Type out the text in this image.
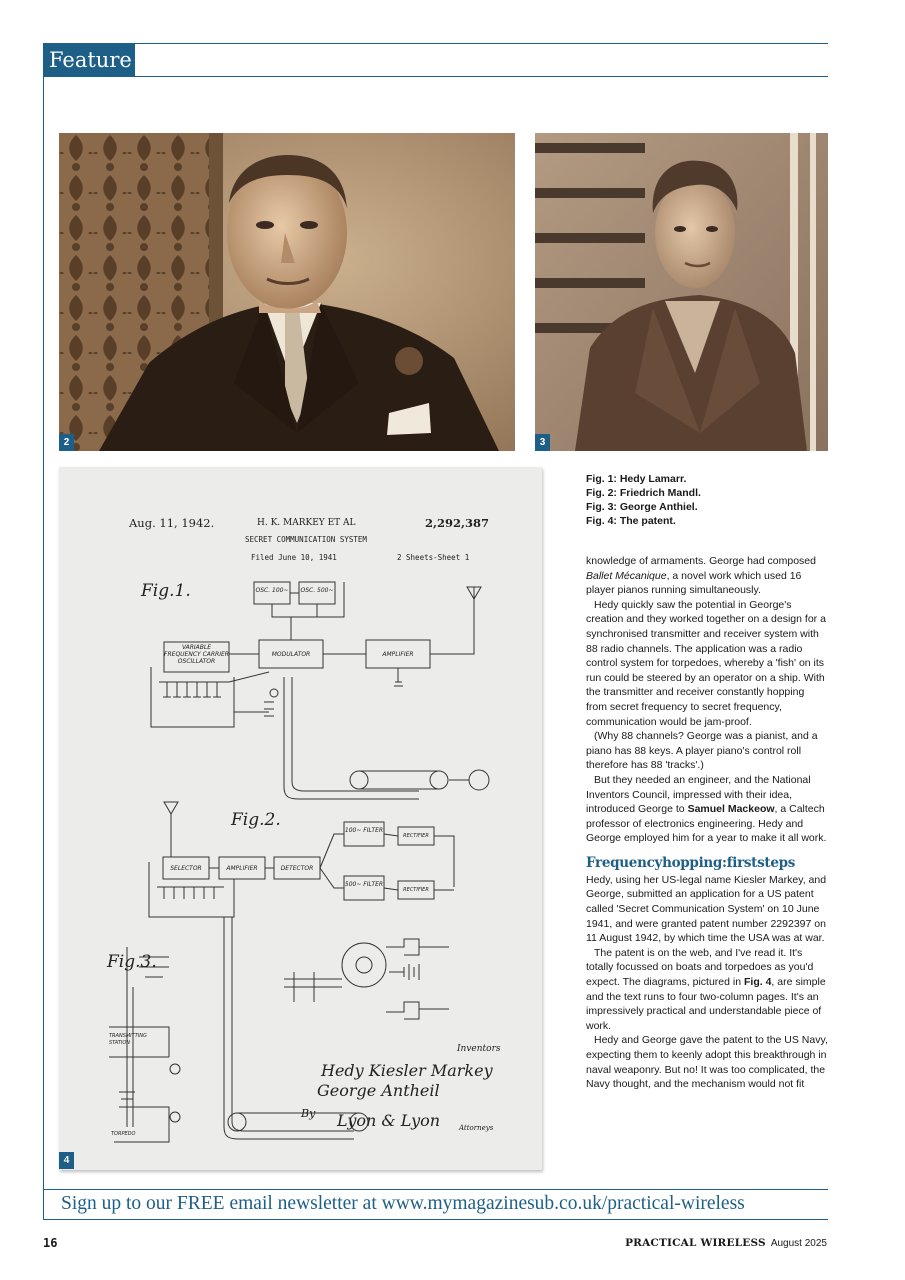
Feature
2	3
Aug. 11, 1942.	H. K. MARKEY ET AL	2,292,387
SECRET COMMUNICATION SYSTEM
Filed June 10, 1941	2 Sheets-Sheet 1
Fig.1.
Fig.2.
Fig.3.
OSC. 100~ OSC. 500~
VARIABLE FREQUENCY CARRIER OSCILLATOR
MODULATOR	AMPLIFIER
SELECTOR	AMPLIFIER	DETECTOR
100~ FILTER
500~ FILTER
RECTIFIER
RECTIFIER
TRANSMITTING STATION
TORPEDO
Inventors
Hedy Kiesler Markey
George Antheil
By Lyon & Lyon	Attorneys
4
Fig. 1: Hedy Lamarr.
Fig. 2: Friedrich Mandl.
Fig. 3: George Anthiel.
Fig. 4: The patent.

knowledge of armaments. George had composed Ballet Mécanique, a novel work which used 16 player pianos running simultaneously.

Hedy quickly saw the potential in George's creation and they worked together on a design for a synchronised transmitter and receiver system with 88 radio channels. The application was a radio control system for torpedoes, whereby a 'fish' on its run could be steered by an operator on a ship. With the transmitter and receiver constantly hopping from secret frequency to secret frequency, communication would be jam-proof.

(Why 88 channels? George was a pianist, and a piano has 88 keys. A player piano's control roll therefore has 88 'tracks'.)

But they needed an engineer, and the National Inventors Council, impressed with their idea, introduced George to Samuel Mackeow, a Caltech professor of electronics engineering. Hedy and George employed him for a year to make it all work.

Frequencyhopping:firststeps

Hedy, using her US-legal name Kiesler Markey, and George, submitted an application for a US patent called 'Secret Communication System' on 10 June 1941, and were granted patent number 2292397 on 11 August 1942, by which time the USA was at war.

The patent is on the web, and I've read it. It's totally focussed on boats and torpedoes as you'd expect. The diagrams, pictured in Fig. 4, are simple and the text runs to four two-column pages. It's an impressively practical and understandable piece of work.

Hedy and George gave the patent to the US Navy, expecting them to keenly adopt this breakthrough in naval weaponry. But no! It was too complicated, the Navy thought, and the mechanism would not fit

Sign up to our FREE email newsletter at www.mymagazinesub.co.uk/practical-wireless
16	PRACTICAL WIRELESS August 2025
